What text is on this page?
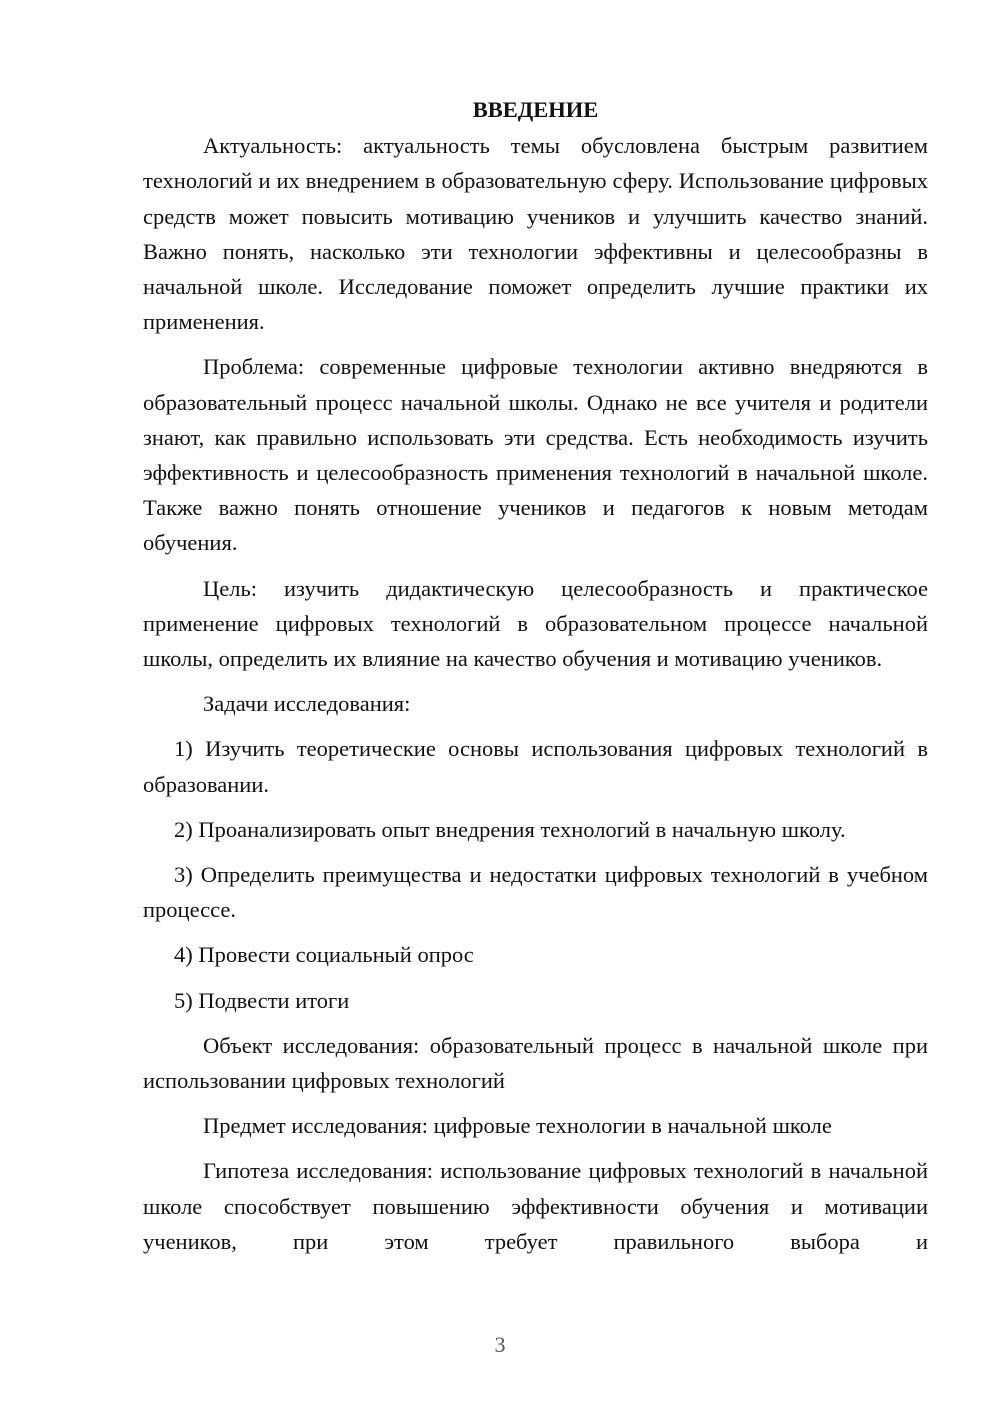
ВВЕДЕНИЕ

Актуальность: актуальность темы обусловлена быстрым развитием технологий и их внедрением в образовательную сферу. Использование цифровых средств может повысить мотивацию учеников и улучшить качество знаний. Важно понять, насколько эти технологии эффективны и целесообразны в начальной школе. Исследование поможет определить лучшие практики их применения.

Проблема: современные цифровые технологии активно внедряются в образовательный процесс начальной школы. Однако не все учителя и родители знают, как правильно использовать эти средства. Есть необходимость изучить эффективность и целесообразность применения технологий в начальной школе. Также важно понять отношение учеников и педагогов к новым методам обучения.

Цель: изучить дидактическую целесообразность и практическое применение цифровых технологий в образовательном процессе начальной школы, определить их влияние на качество обучения и мотивацию учеников.

Задачи исследования:

1) Изучить теоретические основы использования цифровых технологий в образовании.

2) Проанализировать опыт внедрения технологий в начальную школу.

3) Определить преимущества и недостатки цифровых технологий в учебном процессе.

4) Провести социальный опрос

5) Подвести итоги

Объект исследования: образовательный процесс в начальной школе при использовании цифровых технологий

Предмет исследования: цифровые технологии в начальной школе

Гипотеза исследования: использование цифровых технологий в начальной школе способствует повышению эффективности обучения и мотивации учеников, при этом требует правильного выбора и

3
